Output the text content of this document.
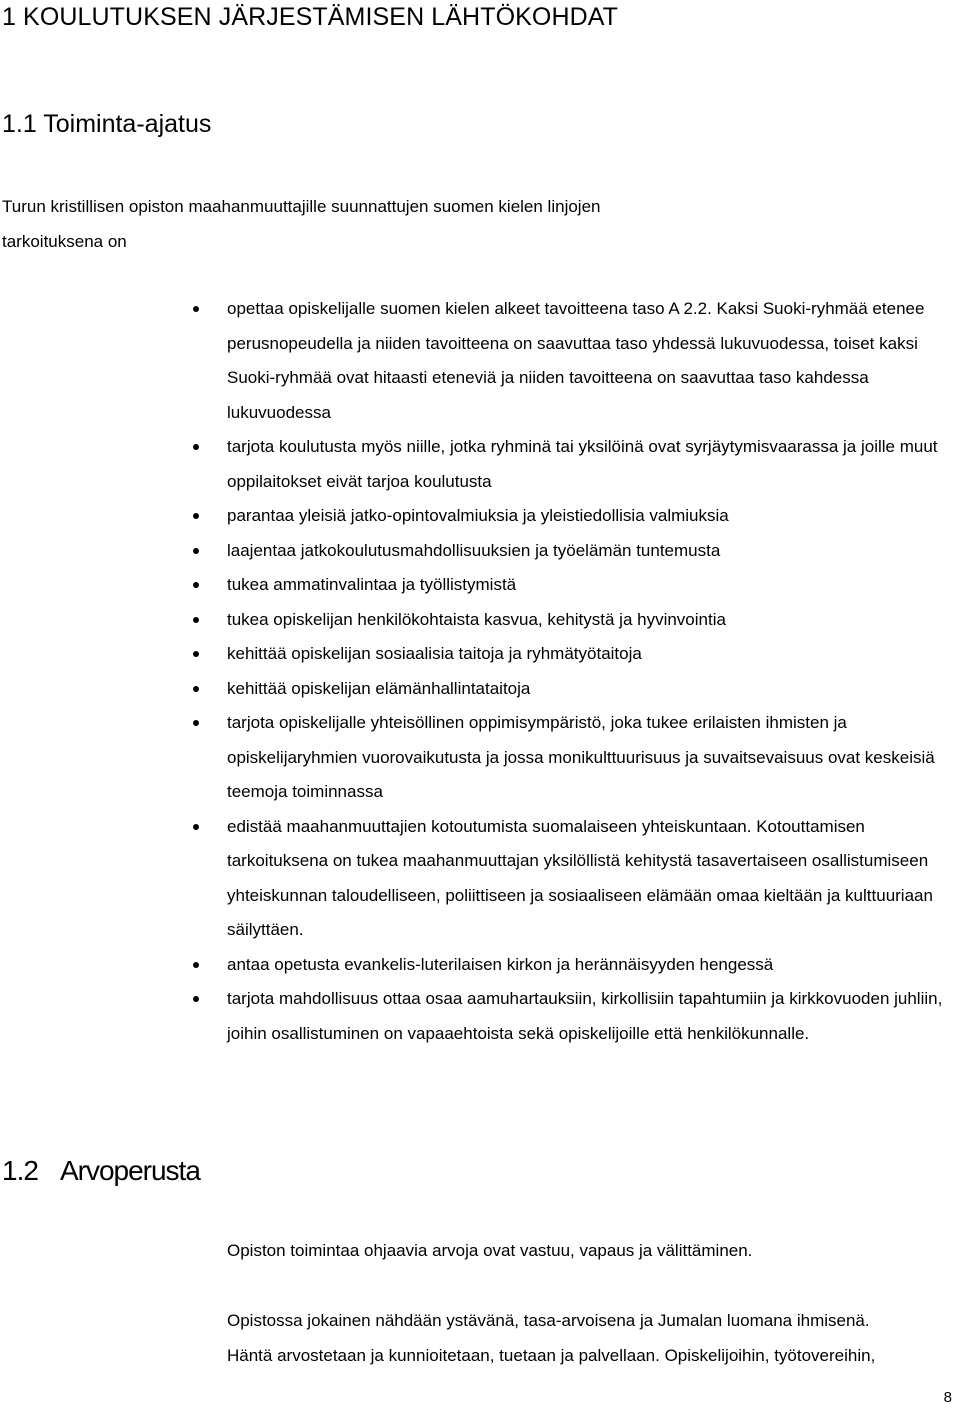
1 KOULUTUKSEN JÄRJESTÄMISEN LÄHTÖKOHDAT
1.1 Toiminta-ajatus

Turun kristillisen opiston maahanmuuttajille suunnattujen suomen kielen linjojen

tarkoituksena on

opettaa opiskelijalle suomen kielen alkeet tavoitteena taso A 2.2. Kaksi Suoki-ryhmää etenee perusnopeudella ja niiden tavoitteena on saavuttaa taso yhdessä lukuvuodessa, toiset kaksi Suoki-ryhmää ovat hitaasti eteneviä ja niiden tavoitteena on saavuttaa taso kahdessa lukuvuodessa
tarjota koulutusta myös niille, jotka ryhminä tai yksilöinä ovat syrjäytymisvaarassa ja joille muut oppilaitokset eivät tarjoa koulutusta
parantaa yleisiä jatko-opintovalmiuksia ja yleistiedollisia valmiuksia
laajentaa jatkokoulutusmahdollisuuksien ja työelämän tuntemusta
tukea ammatinvalintaa ja työllistymistä
tukea opiskelijan henkilökohtaista kasvua, kehitystä ja hyvinvointia
kehittää opiskelijan sosiaalisia taitoja ja ryhmätyötaitoja
kehittää opiskelijan elämänhallintataitoja
tarjota opiskelijalle yhteisöllinen oppimisympäristö, joka tukee erilaisten ihmisten ja opiskelijaryhmien vuorovaikutusta ja jossa monikulttuurisuus ja suvaitsevaisuus ovat keskeisiä teemoja toiminnassa
edistää maahanmuuttajien kotoutumista suomalaiseen yhteiskuntaan. Kotouttamisen tarkoituksena on tukea maahanmuuttajan yksilöllistä kehitystä tasavertaiseen osallistumiseen yhteiskunnan taloudelliseen, poliittiseen ja sosiaaliseen elämään omaa kieltään ja kulttuuriaan säilyttäen.
antaa opetusta evankelis-luterilaisen kirkon ja herännäisyyden hengessä
tarjota mahdollisuus ottaa osaa aamuhartauksiin, kirkollisiin tapahtumiin ja kirkkovuoden juhliin, joihin osallistuminen on vapaaehtoista sekä opiskelijoille että henkilökunnalle.
1.2 Arvoperusta

Opiston toimintaa ohjaavia arvoja ovat vastuu, vapaus ja välittäminen.

Opistossa jokainen nähdään ystävänä, tasa-arvoisena ja Jumalan luomana ihmisenä.
Häntä arvostetaan ja kunnioitetaan, tuetaan ja palvellaan. Opiskelijoihin, työtovereihin,
8
